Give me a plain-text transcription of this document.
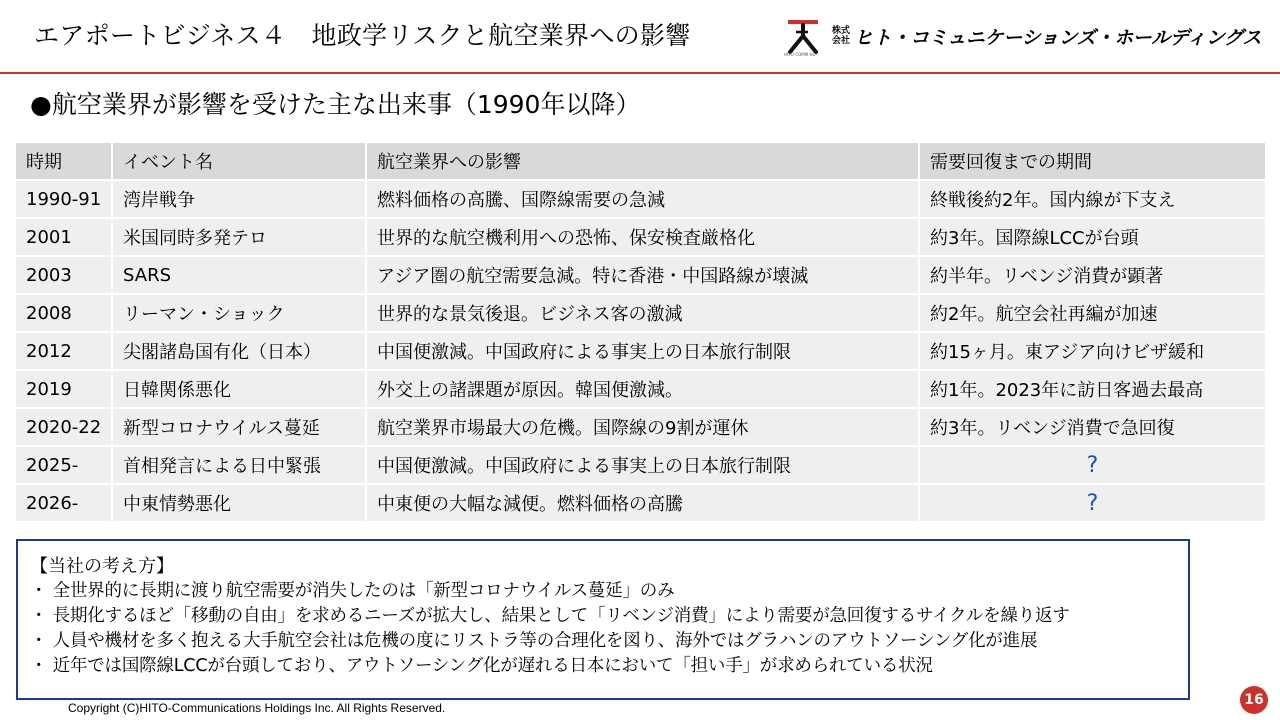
エアポートビジネス４　地政学リスクと航空業界への影響
HITO-COMM HD
株式会社 ヒト・コミュニケーションズ・ホールディングス
●航空業界が影響を受けた主な出来事（1990年以降）
時期	イベント名	航空業界への影響	需要回復までの期間
1990-91	湾岸戦争	燃料価格の高騰、国際線需要の急減	終戦後約2年。国内線が下支え
2001	米国同時多発テロ	世界的な航空機利用への恐怖、保安検査厳格化	約3年。国際線LCCが台頭
2003	SARS	アジア圏の航空需要急減。特に香港・中国路線が壊滅	約半年。リベンジ消費が顕著
2008	リーマン・ショック	世界的な景気後退。ビジネス客の激減	約2年。航空会社再編が加速
2012	尖閣諸島国有化（日本）	中国便激減。中国政府による事実上の日本旅行制限	約15ヶ月。東アジア向けビザ緩和
2019	日韓関係悪化	外交上の諸課題が原因。韓国便激減。	約1年。2023年に訪日客過去最高
2020-22	新型コロナウイルス蔓延	航空業界市場最大の危機。国際線の9割が運休	約3年。リベンジ消費で急回復
2025-	首相発言による日中緊張	中国便激減。中国政府による事実上の日本旅行制限	?
2026-	中東情勢悪化	中東便の大幅な減便。燃料価格の高騰	?
【当社の考え方】
・ 全世界的に長期に渡り航空需要が消失したのは「新型コロナウイルス蔓延」のみ
・ 長期化するほど「移動の自由」を求めるニーズが拡大し、結果として「リベンジ消費」により需要が急回復するサイクルを繰り返す
・ 人員や機材を多く抱える大手航空会社は危機の度にリストラ等の合理化を図り、海外ではグラハンのアウトソーシング化が進展
・ 近年では国際線LCCが台頭しており、アウトソーシング化が遅れる日本において「担い手」が求められている状況
Copyright (C)HITO-Communications Holdings Inc. All Rights Reserved.	16
